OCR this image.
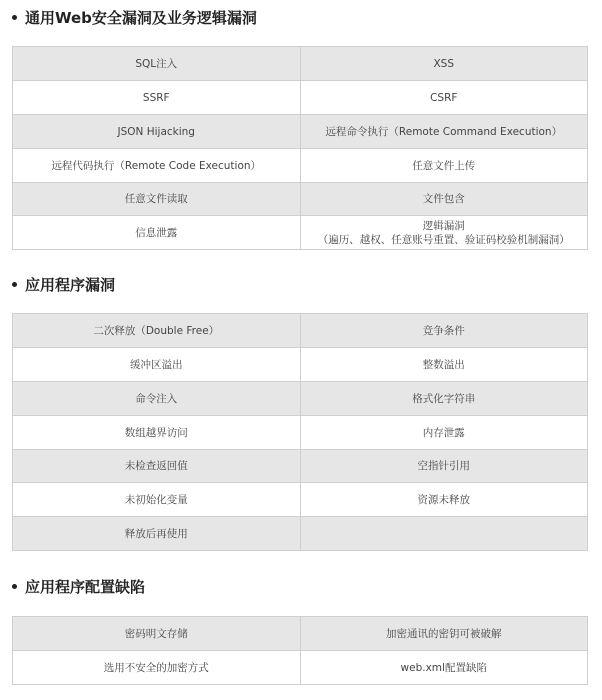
通用Web安全漏洞及业务逻辑漏洞
SQL注入	XSS
SSRF	CSRF
JSON Hijacking	远程命令执行（Remote Command Execution）
远程代码执行（Remote Code Execution）	任意文件上传
任意文件读取	文件包含
信息泄露	逻辑漏洞
（遍历、越权、任意账号重置、验证码校验机制漏洞）
应用程序漏洞
二次释放（Double Free）	竞争条件
缓冲区溢出	整数溢出
命令注入	格式化字符串
数组越界访问	内存泄露
未检查返回值	空指针引用
未初始化变量	资源未释放
释放后再使用	
应用程序配置缺陷
密码明文存储	加密通讯的密钥可被破解
选用不安全的加密方式	web.xml配置缺陷
